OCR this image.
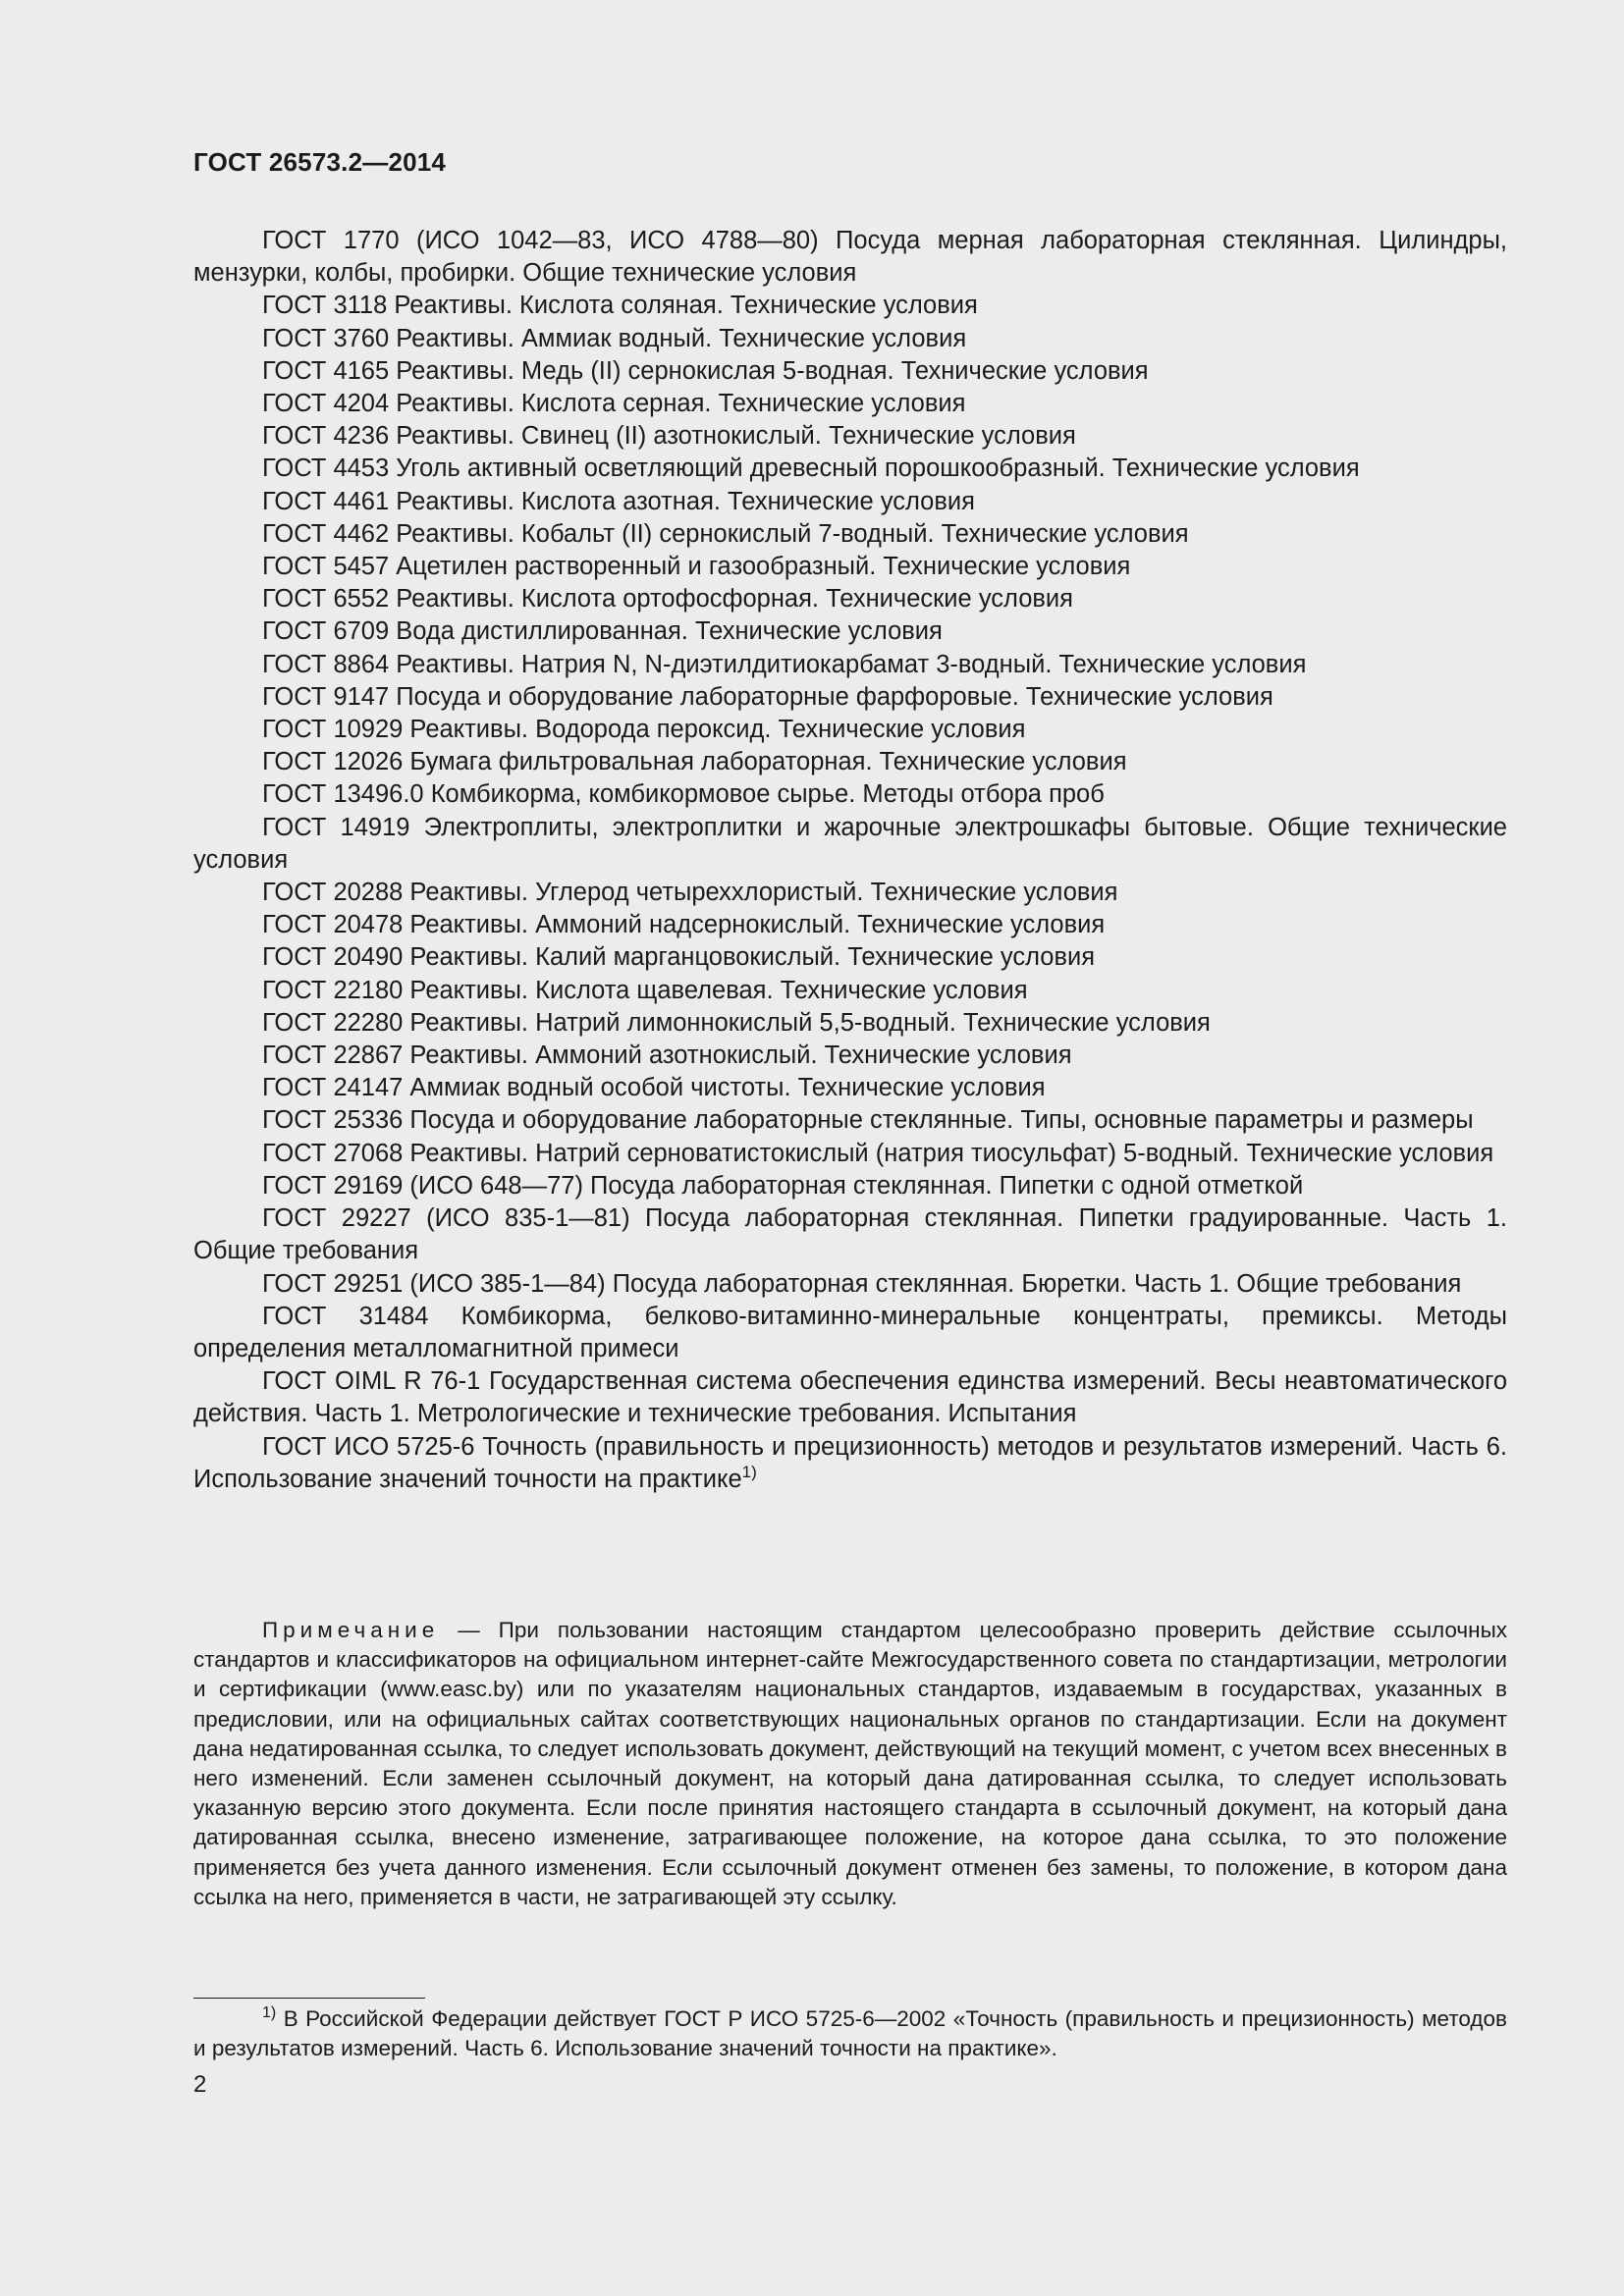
ГОСТ 26573.2—2014

ГОСТ 1770 (ИСО 1042—83, ИСО 4788—80) Посуда мерная лабораторная стеклянная. Цилиндры, мензурки, колбы, пробирки. Общие технические условия

ГОСТ 3118 Реактивы. Кислота соляная. Технические условия

ГОСТ 3760 Реактивы. Аммиак водный. Технические условия

ГОСТ 4165 Реактивы. Медь (II) сернокислая 5-водная. Технические условия

ГОСТ 4204 Реактивы. Кислота серная. Технические условия

ГОСТ 4236 Реактивы. Свинец (II) азотнокислый. Технические условия

ГОСТ 4453 Уголь активный осветляющий древесный порошкообразный. Технические условия

ГОСТ 4461 Реактивы. Кислота азотная. Технические условия

ГОСТ 4462 Реактивы. Кобальт (II) сернокислый 7-водный. Технические условия

ГОСТ 5457 Ацетилен растворенный и газообразный. Технические условия

ГОСТ 6552 Реактивы. Кислота ортофосфорная. Технические условия

ГОСТ 6709 Вода дистиллированная. Технические условия

ГОСТ 8864 Реактивы. Натрия N, N-диэтилдитиокарбамат 3-водный. Технические условия

ГОСТ 9147 Посуда и оборудование лабораторные фарфоровые. Технические условия

ГОСТ 10929 Реактивы. Водорода пероксид. Технические условия

ГОСТ 12026 Бумага фильтровальная лабораторная. Технические условия

ГОСТ 13496.0 Комбикорма, комбикормовое сырье. Методы отбора проб

ГОСТ 14919 Электроплиты, электроплитки и жарочные электрошкафы бытовые. Общие технические условия

ГОСТ 20288 Реактивы. Углерод четыреххлористый. Технические условия

ГОСТ 20478 Реактивы. Аммоний надсернокислый. Технические условия

ГОСТ 20490 Реактивы. Калий марганцовокислый. Технические условия

ГОСТ 22180 Реактивы. Кислота щавелевая. Технические условия

ГОСТ 22280 Реактивы. Натрий лимоннокислый 5,5-водный. Технические условия

ГОСТ 22867 Реактивы. Аммоний азотнокислый. Технические условия

ГОСТ 24147 Аммиак водный особой чистоты. Технические условия

ГОСТ 25336 Посуда и оборудование лабораторные стеклянные. Типы, основные параметры и размеры

ГОСТ 27068 Реактивы. Натрий серноватистокислый (натрия тиосульфат) 5-водный. Технические условия

ГОСТ 29169 (ИСО 648—77) Посуда лабораторная стеклянная. Пипетки с одной отметкой

ГОСТ 29227 (ИСО 835-1—81) Посуда лабораторная стеклянная. Пипетки градуированные. Часть 1. Общие требования

ГОСТ 29251 (ИСО 385-1—84) Посуда лабораторная стеклянная. Бюретки. Часть 1. Общие требования

ГОСТ 31484 Комбикорма, белково-витаминно-минеральные концентраты, премиксы. Методы определения металломагнитной примеси

ГОСТ OIML R 76-1 Государственная система обеспечения единства измерений. Весы неавтоматического действия. Часть 1. Метрологические и технические требования. Испытания

ГОСТ ИСО 5725-6 Точность (правильность и прецизионность) методов и результатов измерений. Часть 6. Использование значений точности на практике$^{1)}$

Примечание — При пользовании настоящим стандартом целесообразно проверить действие ссылочных стандартов и классификаторов на официальном интернет-сайте Межгосударственного совета по стандартизации, метрологии и сертификации (www.easc.by) или по указателям национальных стандартов, издаваемым в государствах, указанных в предисловии, или на официальных сайтах соответствующих национальных органов по стандартизации. Если на документ дана недатированная ссылка, то следует использовать документ, действующий на текущий момент, с учетом всех внесенных в него изменений. Если заменен ссылочный документ, на который дана датированная ссылка, то следует использовать указанную версию этого документа. Если после принятия настоящего стандарта в ссылочный документ, на который дана датированная ссылка, внесено изменение, затрагивающее положение, на которое дана ссылка, то это положение применяется без учета данного изменения. Если ссылочный документ отменен без замены, то положение, в котором дана ссылка на него, применяется в части, не затрагивающей эту ссылку.

$^{1)}$ В Российской Федерации действует ГОСТ Р ИСО 5725-6—2002 «Точность (правильность и прецизионность) методов и результатов измерений. Часть 6. Использование значений точности на практике».

2
